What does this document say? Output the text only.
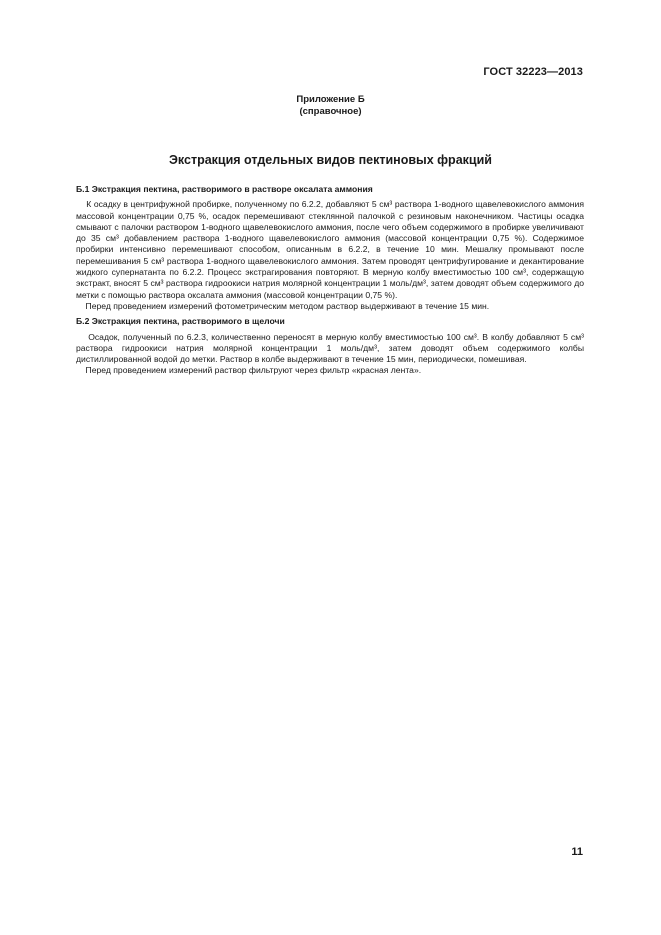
ГОСТ 32223—2013
Приложение Б
(справочное)
Экстракция отдельных видов пектиновых фракций
Б.1 Экстракция пектина, растворимого в растворе оксалата аммония

К осадку в центрифужной пробирке, полученному по 6.2.2, добавляют 5 см³ раствора 1-водного щавелевокислого аммония массовой концентрации 0,75 %, осадок перемешивают стеклянной палочкой с резиновым наконечником. Частицы осадка смывают с палочки раствором 1-водного щавелевокислого аммония, после чего объем содержимого в пробирке увеличивают до 35 см³ добавлением раствора 1-водного щавелевокислого аммония (массовой концентрации 0,75 %). Содержимое пробирки интенсивно перемешивают способом, описанным в 6.2.2, в течение 10 мин. Мешалку промывают после перемешивания 5 см³ раствора 1-водного щавелевокислого аммония. Затем проводят центрифугирование и декантирование жидкого супернатанта по 6.2.2. Процесс экстрагирования повторяют. В мерную колбу вместимостью 100 см³, содержащую экстракт, вносят 5 см³ раствора гидроокиси натрия молярной концентрации 1 моль/дм³, затем доводят объем содержимого до метки с помощью раствора оксалата аммония (массовой концентрации 0,75 %).

Перед проведением измерений фотометрическим методом раствор выдерживают в течение 15 мин.

Б.2 Экстракция пектина, растворимого в щелочи

Осадок, полученный по 6.2.3, количественно переносят в мерную колбу вместимостью 100 см³. В колбу добавляют 5 см³ раствора гидроокиси натрия молярной концентрации 1 моль/дм³, затем доводят объем содержимого колбы дистиллированной водой до метки. Раствор в колбе выдерживают в течение 15 мин, периодически, помешивая.

Перед проведением измерений раствор фильтруют через фильтр «красная лента».

11
